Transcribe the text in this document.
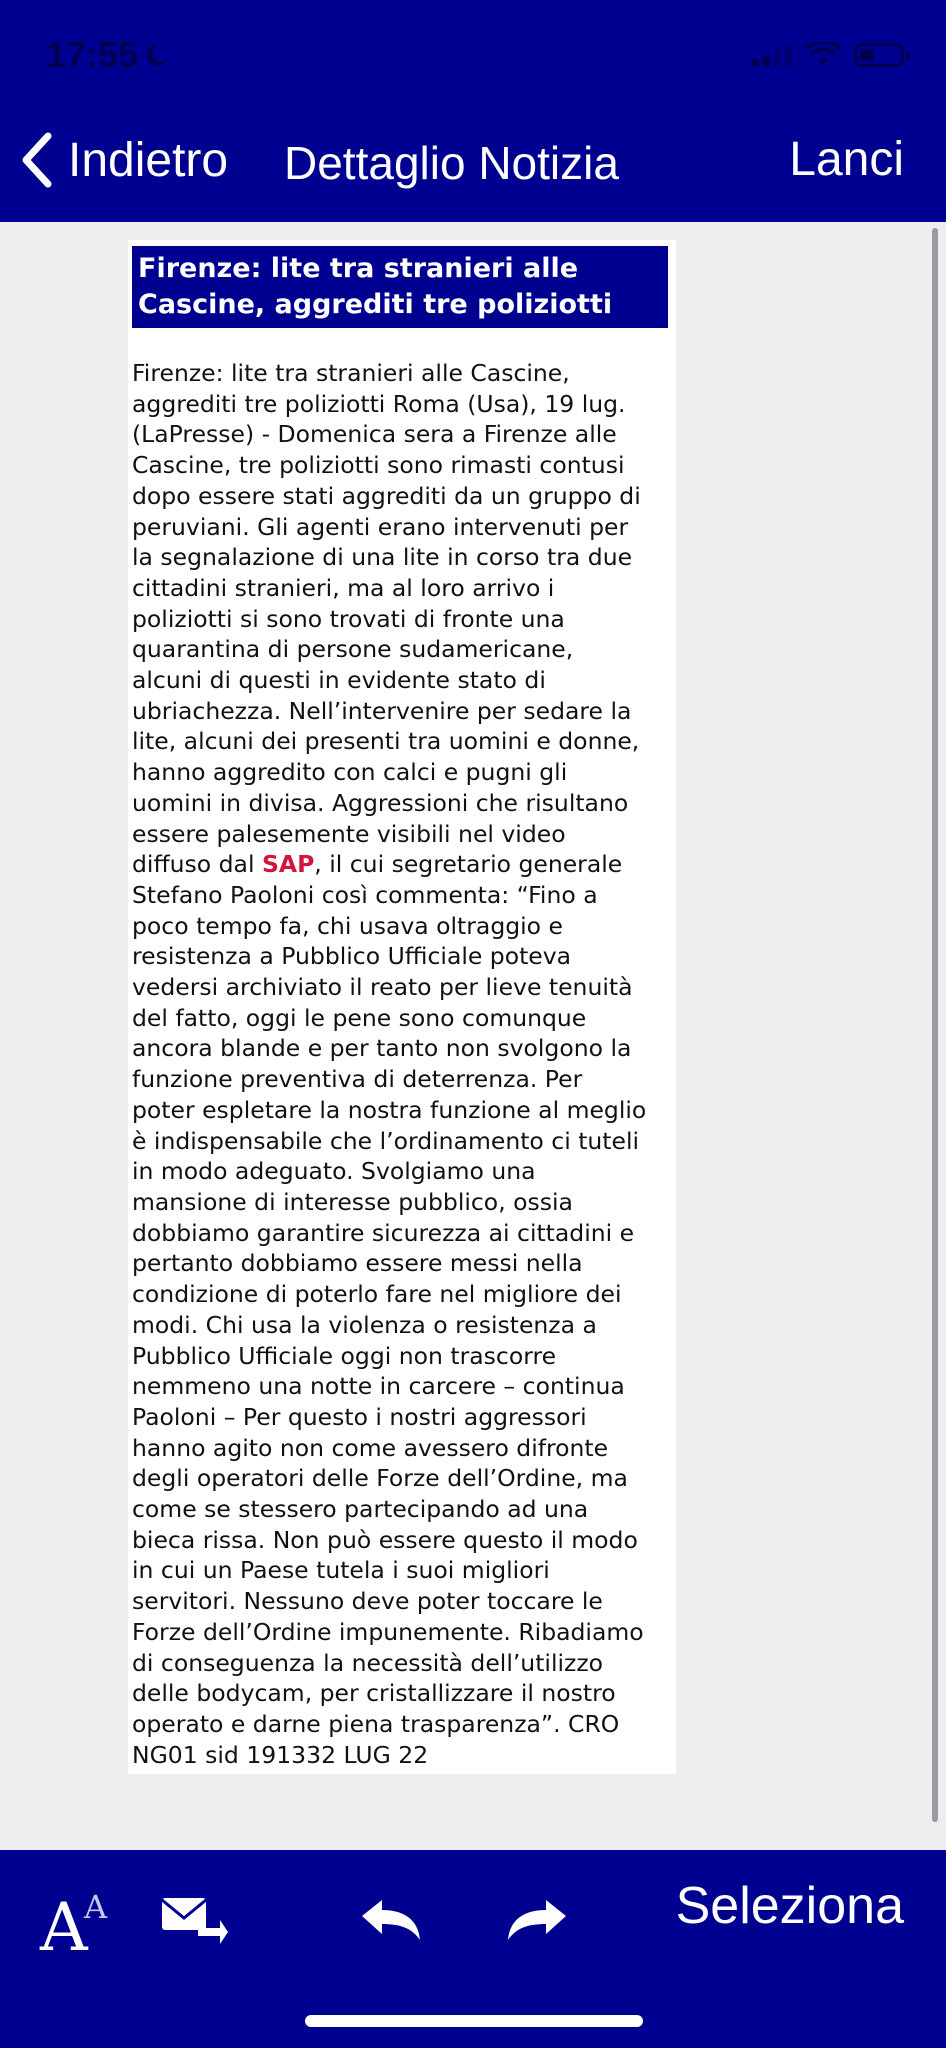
17:55
Indietro Dettaglio Notizia	Lanci
Firenze: lite tra stranieri alle
Cascine, aggrediti tre poliziotti
Firenze: lite tra stranieri alle Cascine,
aggrediti tre poliziotti Roma (Usa), 19 lug.
(LaPresse) - Domenica sera a Firenze alle
Cascine, tre poliziotti sono rimasti contusi
dopo essere stati aggrediti da un gruppo di
peruviani. Gli agenti erano intervenuti per
la segnalazione di una lite in corso tra due
cittadini stranieri, ma al loro arrivo i
poliziotti si sono trovati di fronte una
quarantina di persone sudamericane,
alcuni di questi in evidente stato di
ubriachezza. Nell’intervenire per sedare la
lite, alcuni dei presenti tra uomini e donne,
hanno aggredito con calci e pugni gli
uomini in divisa. Aggressioni che risultano
essere palesemente visibili nel video
diffuso dal SAP, il cui segretario generale
Stefano Paoloni così commenta: “Fino a
poco tempo fa, chi usava oltraggio e
resistenza a Pubblico Ufficiale poteva
vedersi archiviato il reato per lieve tenuità
del fatto, oggi le pene sono comunque
ancora blande e per tanto non svolgono la
funzione preventiva di deterrenza. Per
poter espletare la nostra funzione al meglio
è indispensabile che l’ordinamento ci tuteli
in modo adeguato. Svolgiamo una
mansione di interesse pubblico, ossia
dobbiamo garantire sicurezza ai cittadini e
pertanto dobbiamo essere messi nella
condizione di poterlo fare nel migliore dei
modi. Chi usa la violenza o resistenza a
Pubblico Ufficiale oggi non trascorre
nemmeno una notte in carcere – continua
Paoloni – Per questo i nostri aggressori
hanno agito non come avessero difronte
degli operatori delle Forze dell’Ordine, ma
come se stessero partecipando ad una
bieca rissa. Non può essere questo il modo
in cui un Paese tutela i suoi migliori
servitori. Nessuno deve poter toccare le
Forze dell’Ordine impunemente. Ribadiamo
di conseguenza la necessità dell’utilizzo
delle bodycam, per cristallizzare il nostro
operato e darne piena trasparenza”. CRO
NG01 sid 191332 LUG 22
A
A	Seleziona
